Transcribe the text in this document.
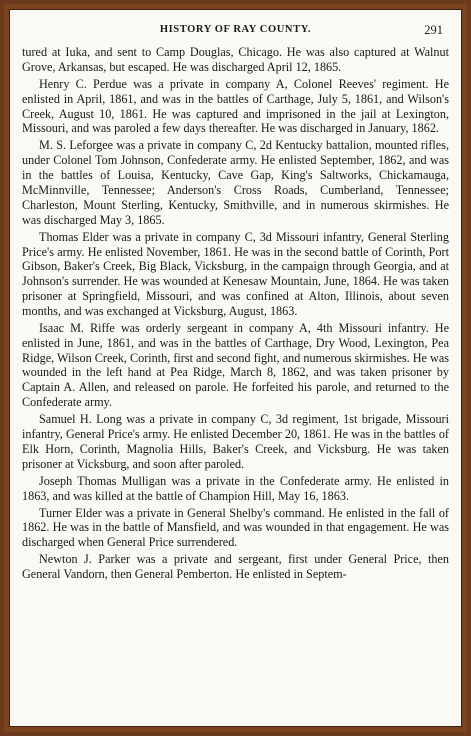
HISTORY OF RAY COUNTY.	291

tured at Iuka, and sent to Camp Douglas, Chicago. He was also captured at Walnut Grove, Arkansas, but escaped. He was discharged April 12, 1865.

Henry C. Perdue was a private in company A, Colonel Reeves' regiment. He enlisted in April, 1861, and was in the battles of Carthage, July 5, 1861, and Wilson's Creek, August 10, 1861. He was captured and imprisoned in the jail at Lexington, Missouri, and was paroled a few days thereafter. He was discharged in January, 1862.

M. S. Leforgee was a private in company C, 2d Kentucky battalion, mounted rifles, under Colonel Tom Johnson, Confederate army. He enlisted September, 1862, and was in the battles of Louisa, Kentucky, Cave Gap, King's Saltworks, Chickamauga, McMinnville, Tennessee; Anderson's Cross Roads, Cumberland, Tennessee; Charleston, Mount Sterling, Kentucky, Smithville, and in numerous skirmishes. He was discharged May 3, 1865.

Thomas Elder was a private in company C, 3d Missouri infantry, General Sterling Price's army. He enlisted November, 1861. He was in the second battle of Corinth, Port Gibson, Baker's Creek, Big Black, Vicksburg, in the campaign through Georgia, and at Johnson's surrender. He was wounded at Kenesaw Mountain, June, 1864. He was taken prisoner at Springfield, Missouri, and was confined at Alton, Illinois, about seven months, and was exchanged at Vicksburg, August, 1863.

Isaac M. Riffe was orderly sergeant in company A, 4th Missouri infantry. He enlisted in June, 1861, and was in the battles of Carthage, Dry Wood, Lexington, Pea Ridge, Wilson Creek, Corinth, first and second fight, and numerous skirmishes. He was wounded in the left hand at Pea Ridge, March 8, 1862, and was taken prisoner by Captain A. Allen, and released on parole. He forfeited his parole, and returned to the Confederate army.

Samuel H. Long was a private in company C, 3d regiment, 1st brigade, Missouri infantry, General Price's army. He enlisted December 20, 1861. He was in the battles of Elk Horn, Corinth, Magnolia Hills, Baker's Creek, and Vicksburg. He was taken prisoner at Vicksburg, and soon after paroled.

Joseph Thomas Mulligan was a private in the Confederate army. He enlisted in 1863, and was killed at the battle of Champion Hill, May 16, 1863.

Turner Elder was a private in General Shelby's command. He enlisted in the fall of 1862. He was in the battle of Mansfield, and was wounded in that engagement. He was discharged when General Price surrendered.

Newton J. Parker was a private and sergeant, first under General Price, then General Vandorn, then General Pemberton. He enlisted in Septem-
